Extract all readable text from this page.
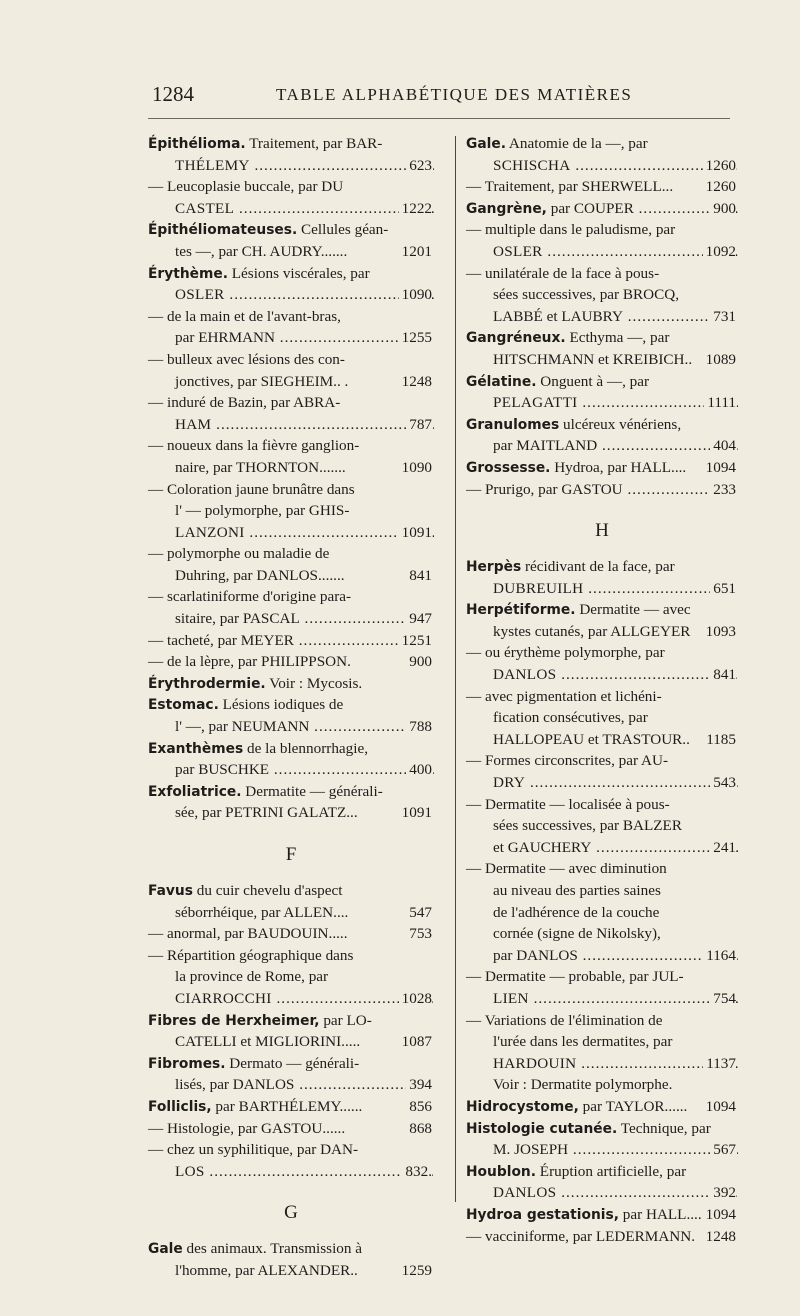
1284	TABLE ALPHABÉTIQUE DES MATIÈRES
Épithélioma. Traitement, par BAR-
THÉLEMY .....	623
— Leucoplasie buccale, par DU
CASTEL .....	1222
Épithéliomateuses. Cellules géan-
tes —, par CH. AUDRY.......	1201
Érythème. Lésions viscérales, par
OSLER .....	1090
— de la main et de l'avant-bras,
par EHRMANN .....	1255
— bulleux avec lésions des con-
jonctives, par SIEGHEIM.. .	1248
— induré de Bazin, par ABRA-
HAM .....	787
— noueux dans la fièvre ganglion-
naire, par THORNTON.......	1090
— Coloration jaune brunâtre dans
l' — polymorphe, par GHIS-
LANZONI .....	1091
— polymorphe ou maladie de
Duhring, par DANLOS.......	841
— scarlatiniforme d'origine para-
sitaire, par PASCAL .....	947
— tacheté, par MEYER .....	1251
— de la lèpre, par PHILIPPSON.	900
Érythrodermie. Voir : Mycosis.
Estomac. Lésions iodiques de
l' —, par NEUMANN .....	788
Exanthèmes de la blennorrhagie,
par BUSCHKE .....	400
Exfoliatrice. Dermatite — générali-
sée, par PETRINI GALATZ...	1091
F
Favus du cuir chevelu d'aspect
séborrhéique, par ALLEN....	547
— anormal, par BAUDOUIN.....	753
— Répartition géographique dans
la province de Rome, par
CIARROCCHI .....	1028
Fibres de Herxheimer, par LO-
CATELLI et MIGLIORINI.....	1087
Fibromes. Dermato — générali-
lisés, par DANLOS .....	394
Folliclis, par BARTHÉLEMY......	856
— Histologie, par GASTOU......	868
— chez un syphilitique, par DAN-
LOS .....	832.
G
Gale des animaux. Transmission à
l'homme, par ALEXANDER..	1259
Gale. Anatomie de la —, par
SCHISCHA .....	1260
— Traitement, par SHERWELL... 1260
Gangrène, par COUPER .....	900
— multiple dans le paludisme, par
OSLER .....	1092
— unilatérale de la face à pous-
sées successives, par BROCQ,
LABBÉ et LAUBRY .....	731
Gangréneux. Ecthyma —, par
HITSCHMANN et KREIBICH.. 1089
Gélatine. Onguent à —, par
PELAGATTI .....	1111
Granulomes ulcéreux vénériens,
par MAITLAND .....	404
Grossesse. Hydroa, par HALL.... 1094
— Prurigo, par GASTOU .....	233
H
Herpès récidivant de la face, par
DUBREUILH .....	651
Herpétiforme. Dermatite — avec
kystes cutanés, par ALLGEYER 1093
— ou érythème polymorphe, par
DANLOS .....	841
— avec pigmentation et lichéni-
fication consécutives, par
HALLOPEAU et TRASTOUR.. 1185
— Formes circonscrites, par AU-
DRY .....	543
— Dermatite — localisée à pous-
sées successives, par BALZER
et GAUCHERY .....	241
— Dermatite — avec diminution
au niveau des parties saines
de l'adhérence de la couche
cornée (signe de Nikolsky),
par DANLOS .....	1164
— Dermatite — probable, par JUL-
LIEN .....	754
— Variations de l'élimination de
l'urée dans les dermatites, par
HARDOUIN .....	1137
Voir : Dermatite polymorphe.
Hidrocystome, par TAYLOR...... 1094
Histologie cutanée. Technique, par
M. JOSEPH .....	567
Houblon. Éruption artificielle, par
DANLOS .....	392
Hydroa gestationis, par HALL.... 1094
— vacciniforme, par LEDERMANN. 1248
